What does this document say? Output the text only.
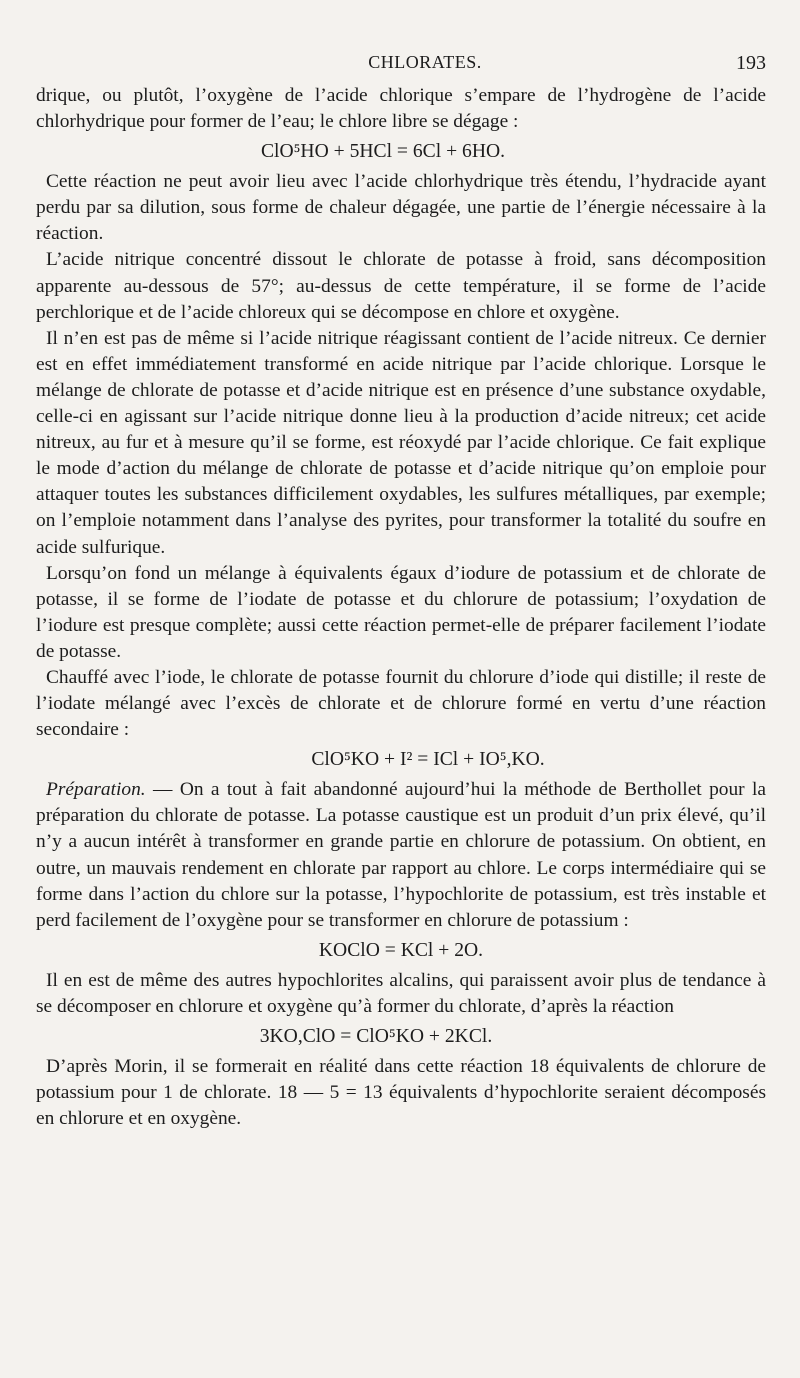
CHLORATES.	193

drique, ou plutôt, l’oxygène de l’acide chlorique s’empare de l’hydrogène de l’acide chlorhydrique pour former de l’eau; le chlore libre se dégage :

ClO⁵HO + 5HCl = 6Cl + 6HO.

Cette réaction ne peut avoir lieu avec l’acide chlorhydrique très étendu, l’hydracide ayant perdu par sa dilution, sous forme de chaleur dégagée, une partie de l’énergie nécessaire à la réaction.

L’acide nitrique concentré dissout le chlorate de potasse à froid, sans décomposition apparente au-dessous de 57°; au-dessus de cette température, il se forme de l’acide perchlorique et de l’acide chloreux qui se décompose en chlore et oxygène.

Il n’en est pas de même si l’acide nitrique réagissant contient de l’acide nitreux. Ce dernier est en effet immédiatement transformé en acide nitrique par l’acide chlorique. Lorsque le mélange de chlorate de potasse et d’acide nitrique est en présence d’une substance oxydable, celle-ci en agissant sur l’acide nitrique donne lieu à la production d’acide nitreux; cet acide nitreux, au fur et à mesure qu’il se forme, est réoxydé par l’acide chlorique. Ce fait explique le mode d’action du mélange de chlorate de potasse et d’acide nitrique qu’on emploie pour attaquer toutes les substances difficilement oxydables, les sulfures métalliques, par exemple; on l’emploie notamment dans l’analyse des pyrites, pour transformer la totalité du soufre en acide sulfurique.

Lorsqu’on fond un mélange à équivalents égaux d’iodure de potassium et de chlorate de potasse, il se forme de l’iodate de potasse et du chlorure de potassium; l’oxydation de l’iodure est presque complète; aussi cette réaction permet-elle de préparer facilement l’iodate de potasse.

Chauffé avec l’iode, le chlorate de potasse fournit du chlorure d’iode qui distille; il reste de l’iodate mélangé avec l’excès de chlorate et de chlorure formé en vertu d’une réaction secondaire :

ClO⁵KO + I² = ICl + IO⁵,KO.

Préparation. — On a tout à fait abandonné aujourd’hui la méthode de Berthollet pour la préparation du chlorate de potasse. La potasse caustique est un produit d’un prix élevé, qu’il n’y a aucun intérêt à transformer en grande partie en chlorure de potassium. On obtient, en outre, un mauvais rendement en chlorate par rapport au chlore. Le corps intermédiaire qui se forme dans l’action du chlore sur la potasse, l’hypochlorite de potassium, est très instable et perd facilement de l’oxygène pour se transformer en chlorure de potassium :

KOClO = KCl + 2O.

Il en est de même des autres hypochlorites alcalins, qui paraissent avoir plus de tendance à se décomposer en chlorure et oxygène qu’à former du chlorate, d’après la réaction

3KO,ClO = ClO⁵KO + 2KCl.

D’après Morin, il se formerait en réalité dans cette réaction 18 équivalents de chlorure de potassium pour 1 de chlorate. 18 — 5 = 13 équivalents d’hypochlorite seraient décomposés en chlorure et en oxygène.
